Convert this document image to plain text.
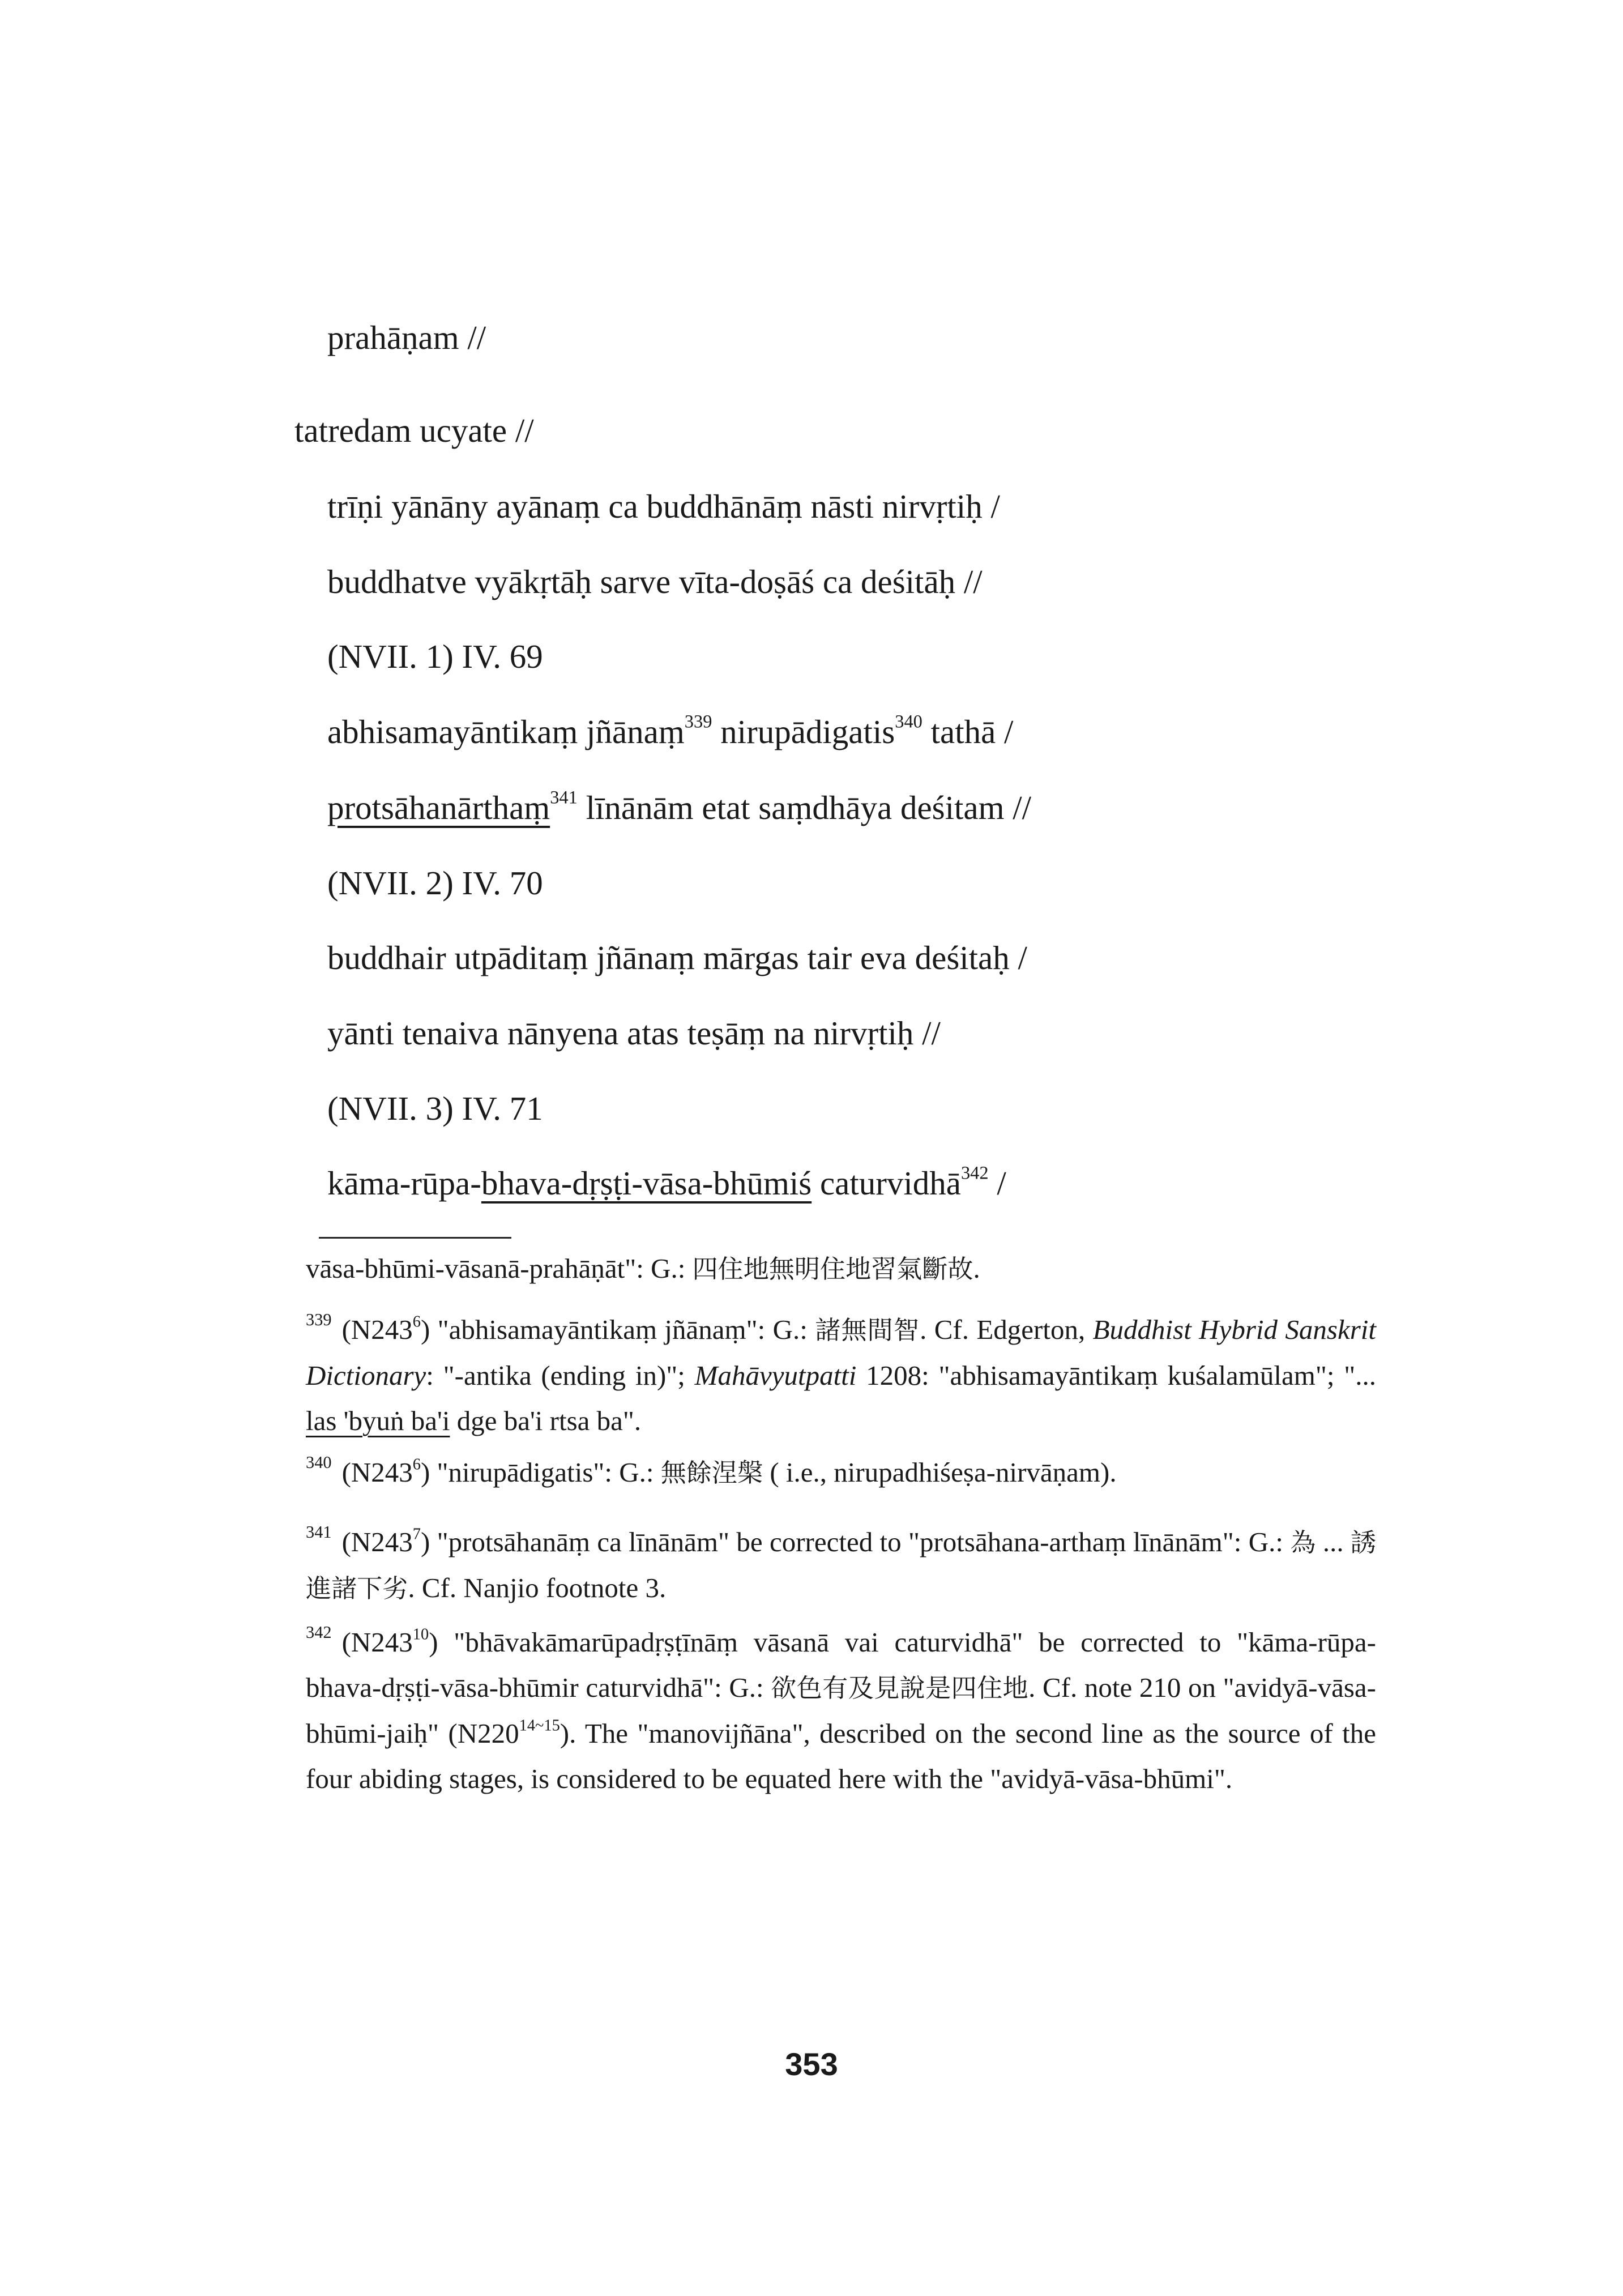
prahāṇam //
tatredam ucyate //
trīṇi yānāny ayānaṃ ca buddhānāṃ nāsti nirvṛtiḥ /
buddhatve vyākṛtāḥ sarve vīta-doṣāś ca deśitāḥ //
(NVII. 1) IV. 69
abhisamayāntikaṃ jñānaṃ$^{339}$ nirupādigatis$^{340}$ tathā /
protsāhanārthaṃ$^{341}$ līnānām etat saṃdhāya deśitam //
(NVII. 2) IV. 70
buddhair utpāditaṃ jñānaṃ mārgas tair eva deśitaḥ /
yānti tenaiva nānyena atas teṣāṃ na nirvṛtiḥ //
(NVII. 3) IV. 71
kāma-rūpa-bhava-dṛṣṭi-vāsa-bhūmiś caturvidhā$^{342}$ /
vāsa-bhūmi-vāsanā-prahāṇāt": G.: 四住地無明住地習氣斷故.
$^{339}$ $(N243^6)$ "abhisamayāntikaṃ jñānaṃ": G.: 諸無間智. Cf. Edgerton, Buddhist Hybrid Sanskrit Dictionary: "-antika (ending in)"; Mahāvyutpatti 1208: "abhisamayāntikaṃ kuśalamūlam"; "... las 'byuṅ ba'i dge ba'i rtsa ba".
$^{340}$ $(N243^6)$ "nirupādigatis": G.: 無餘涅槃 ( i.e., nirupadhiśeṣa-nirvāṇam).
$^{341}$ $(N243^7)$ "protsāhanāṃ ca līnānām" be corrected to "protsāhana-arthaṃ līnānām": G.: 為 ... 誘進諸下劣. Cf. Nanjio footnote 3.
$^{342}$ $(N243^{10})$ "bhāvakāmarūpadṛṣṭīnāṃ vāsanā vai caturvidhā" be corrected to "kāma-rūpa-bhava-dṛṣṭi-vāsa-bhūmir caturvidhā": G.: 欲色有及見說是四住地. Cf. note 210 on "avidyā-vāsa-bhūmi-jaiḥ" $(N220^{14\sim 15})$. The "manovijñāna", described on the second line as the source of the four abiding stages, is considered to be equated here with the "avidyā-vāsa-bhūmi".
353
